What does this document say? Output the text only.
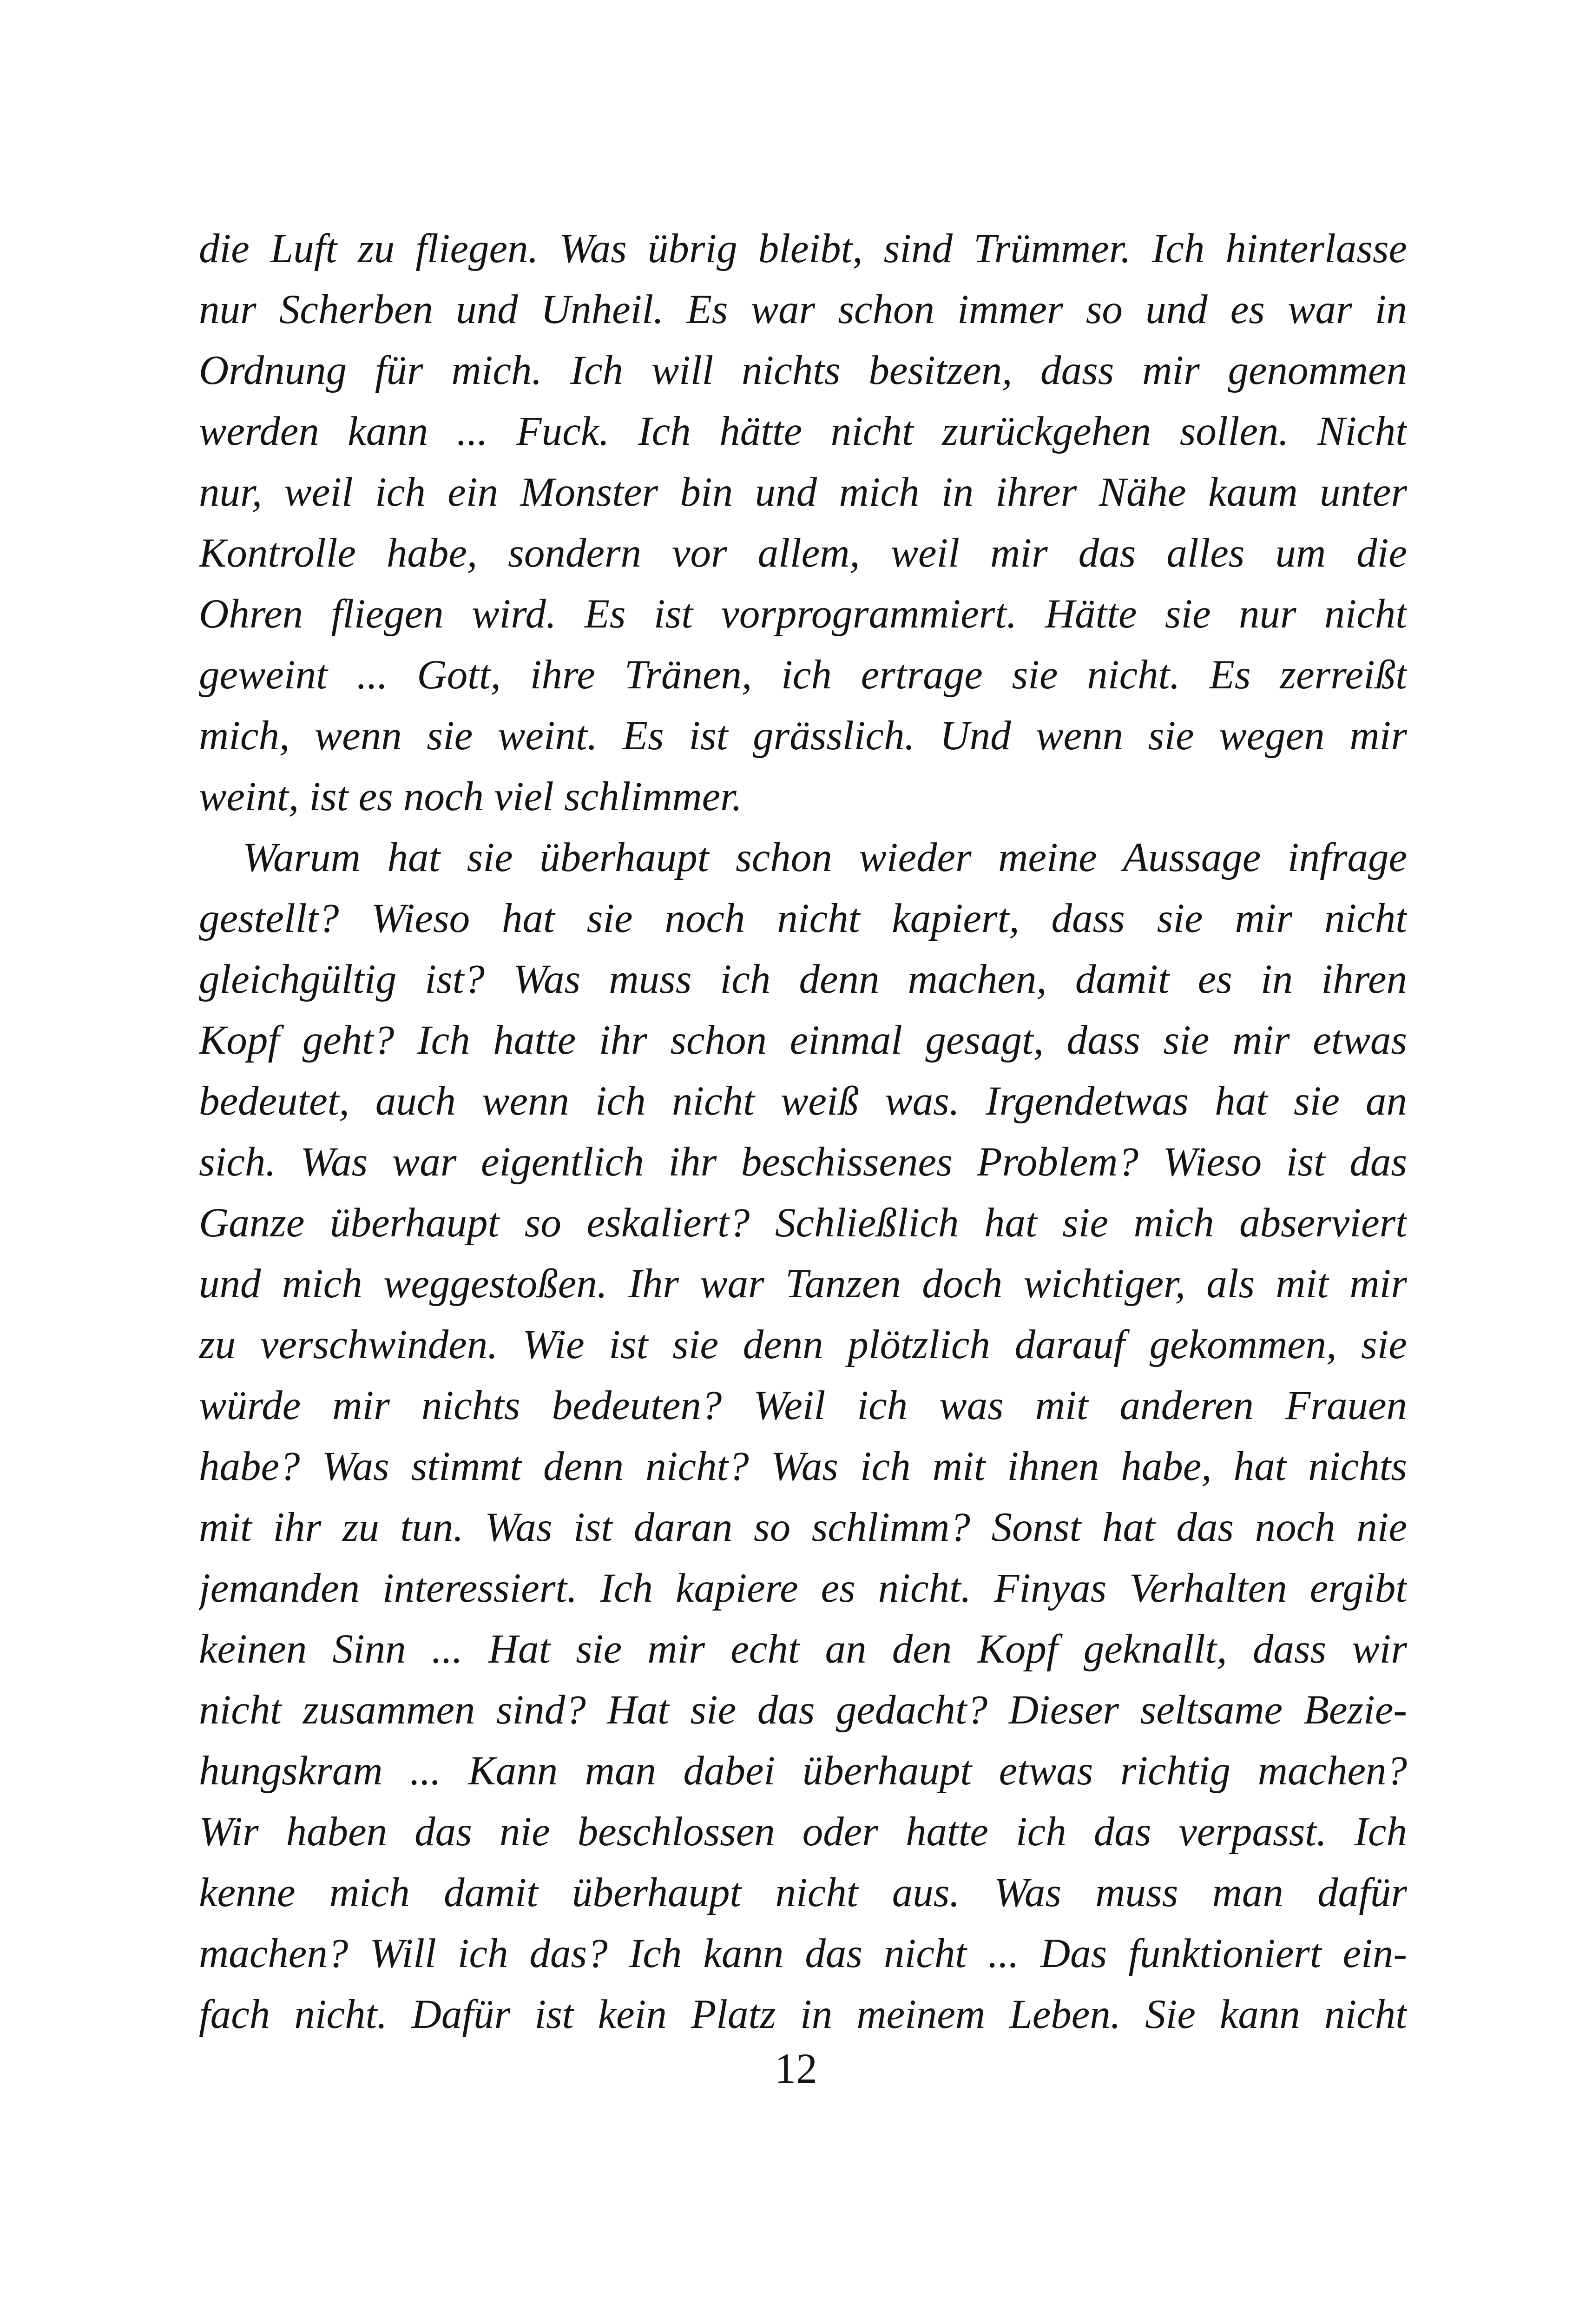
die Luft zu fliegen. Was übrig bleibt, sind Trümmer. Ich hinterlasse
nur Scherben und Unheil. Es war schon immer so und es war in
Ordnung für mich. Ich will nichts besitzen, dass mir genommen
werden kann ... Fuck. Ich hätte nicht zurückgehen sollen. Nicht
nur, weil ich ein Monster bin und mich in ihrer Nähe kaum unter
Kontrolle habe, sondern vor allem, weil mir das alles um die
Ohren fliegen wird. Es ist vorprogrammiert. Hätte sie nur nicht
geweint ... Gott, ihre Tränen, ich ertrage sie nicht. Es zerreißt
mich, wenn sie weint. Es ist grässlich. Und wenn sie wegen mir
weint, ist es noch viel schlimmer.
Warum hat sie überhaupt schon wieder meine Aussage infrage
gestellt? Wieso hat sie noch nicht kapiert, dass sie mir nicht
gleichgültig ist? Was muss ich denn machen, damit es in ihren
Kopf geht? Ich hatte ihr schon einmal gesagt, dass sie mir etwas
bedeutet, auch wenn ich nicht weiß was. Irgendetwas hat sie an
sich. Was war eigentlich ihr beschissenes Problem? Wieso ist das
Ganze überhaupt so eskaliert? Schließlich hat sie mich abserviert
und mich weggestoßen. Ihr war Tanzen doch wichtiger, als mit mir
zu verschwinden. Wie ist sie denn plötzlich darauf gekommen, sie
würde mir nichts bedeuten? Weil ich was mit anderen Frauen
habe? Was stimmt denn nicht? Was ich mit ihnen habe, hat nichts
mit ihr zu tun. Was ist daran so schlimm? Sonst hat das noch nie
jemanden interessiert. Ich kapiere es nicht. Finyas Verhalten ergibt
keinen Sinn ... Hat sie mir echt an den Kopf geknallt, dass wir
nicht zusammen sind? Hat sie das gedacht? Dieser seltsame Bezie-
hungskram ... Kann man dabei überhaupt etwas richtig machen?
Wir haben das nie beschlossen oder hatte ich das verpasst. Ich
kenne mich damit überhaupt nicht aus. Was muss man dafür
machen? Will ich das? Ich kann das nicht ... Das funktioniert ein-
fach nicht. Dafür ist kein Platz in meinem Leben. Sie kann nicht
12
